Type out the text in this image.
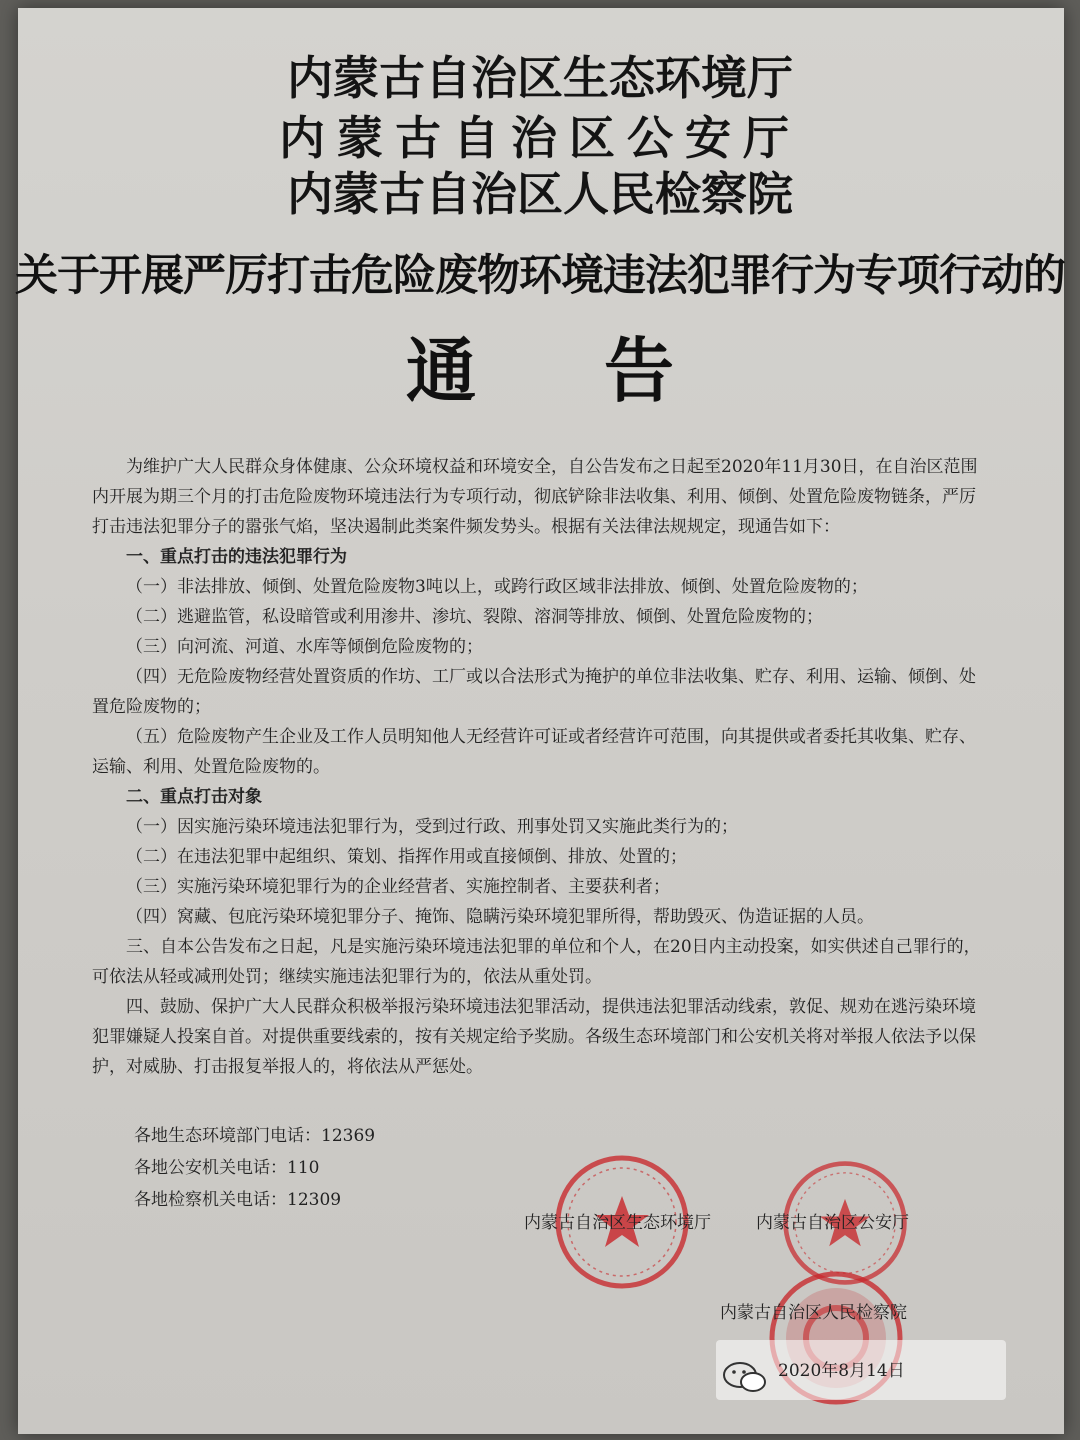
内蒙古自治区生态环境厅
内蒙古自治区公安厅
内蒙古自治区人民检察院
关于开展严厉打击危险废物环境违法犯罪行为专项行动的
通 告

为维护广大人民群众身体健康、公众环境权益和环境安全，自公告发布之日起至2020年11月30日，在自治区范围内开展为期三个月的打击危险废物环境违法行为专项行动，彻底铲除非法收集、利用、倾倒、处置危险废物链条，严厉打击违法犯罪分子的嚣张气焰，坚决遏制此类案件频发势头。根据有关法律法规规定，现通告如下：

一、重点打击的违法犯罪行为

（一）非法排放、倾倒、处置危险废物3吨以上，或跨行政区域非法排放、倾倒、处置危险废物的；

（二）逃避监管，私设暗管或利用渗井、渗坑、裂隙、溶洞等排放、倾倒、处置危险废物的；

（三）向河流、河道、水库等倾倒危险废物的；

（四）无危险废物经营处置资质的作坊、工厂或以合法形式为掩护的单位非法收集、贮存、利用、运输、倾倒、处置危险废物的；

（五）危险废物产生企业及工作人员明知他人无经营许可证或者经营许可范围，向其提供或者委托其收集、贮存、运输、利用、处置危险废物的。

二、重点打击对象

（一）因实施污染环境违法犯罪行为，受到过行政、刑事处罚又实施此类行为的；

（二）在违法犯罪中起组织、策划、指挥作用或直接倾倒、排放、处置的；

（三）实施污染环境犯罪行为的企业经营者、实施控制者、主要获利者；

（四）窝藏、包庇污染环境犯罪分子、掩饰、隐瞒污染环境犯罪所得，帮助毁灭、伪造证据的人员。

三、自本公告发布之日起，凡是实施污染环境违法犯罪的单位和个人，在20日内主动投案，如实供述自己罪行的，可依法从轻或减刑处罚；继续实施违法犯罪行为的，依法从重处罚。

四、鼓励、保护广大人民群众积极举报污染环境违法犯罪活动，提供违法犯罪活动线索，敦促、规劝在逃污染环境犯罪嫌疑人投案自首。对提供重要线索的，按有关规定给予奖励。各级生态环境部门和公安机关将对举报人依法予以保护，对威胁、打击报复举报人的，将依法从严惩处。

各地生态环境部门电话：12369
各地公安机关电话：110
各地检察机关电话：12309
内蒙古自治区生态环境厅	内蒙古自治区公安厅
内蒙古自治区人民检察院
2020年8月14日
